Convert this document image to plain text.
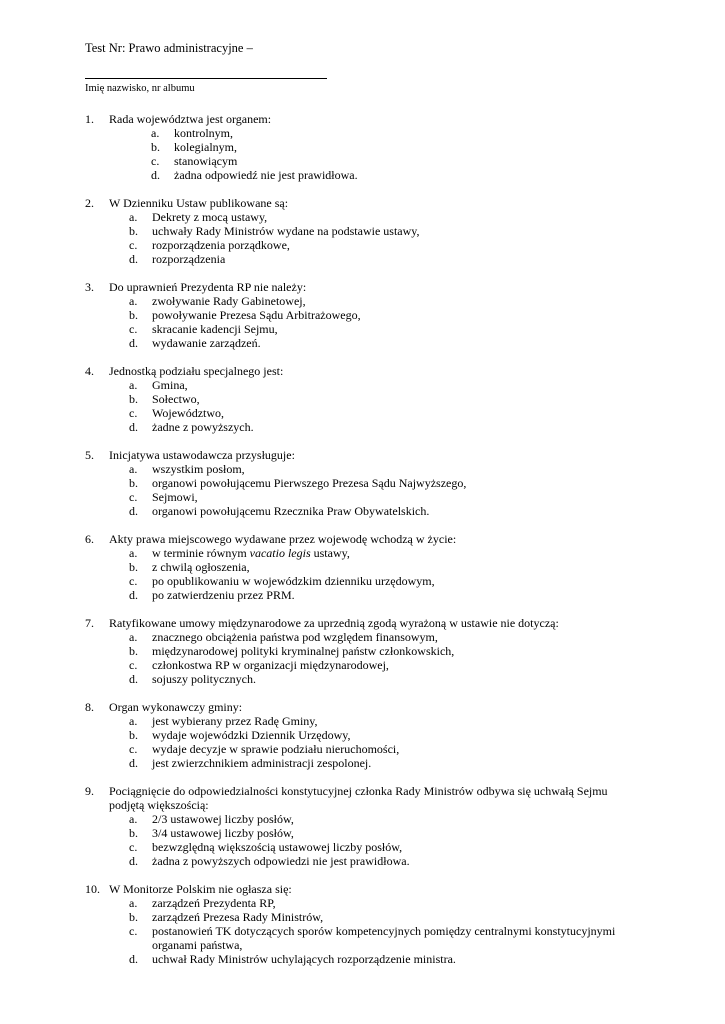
Test Nr: Prawo administracyjne –
Imię nazwisko, nr albumu
1.	Rada województwa jest organem:
a.	kontrolnym,
b.	kolegialnym,
c.	stanowiącym
d.	żadna odpowiedź nie jest prawidłowa.
2.	W Dzienniku Ustaw publikowane są:
a.	Dekrety z mocą ustawy,
b.	uchwały Rady Ministrów wydane na podstawie ustawy,
c.	rozporządzenia porządkowe,
d.	rozporządzenia
3.	Do uprawnień Prezydenta RP nie należy:
a.	zwoływanie Rady Gabinetowej,
b.	powoływanie Prezesa Sądu Arbitrażowego,
c.	skracanie kadencji Sejmu,
d.	wydawanie zarządzeń.
4.	Jednostką podziału specjalnego jest:
a.	Gmina,
b.	Sołectwo,
c.	Województwo,
d.	żadne z powyższych.
5.	Inicjatywa ustawodawcza przysługuje:
a.	wszystkim posłom,
b.	organowi powołującemu Pierwszego Prezesa Sądu Najwyższego,
c.	Sejmowi,
d.	organowi powołującemu Rzecznika Praw Obywatelskich.
6.	Akty prawa miejscowego wydawane przez wojewodę wchodzą w życie:
a.	w terminie równym vacatio legis ustawy,
b.	z chwilą ogłoszenia,
c.	po opublikowaniu w wojewódzkim dzienniku urzędowym,
d.	po zatwierdzeniu przez PRM.
7.	Ratyfikowane umowy międzynarodowe za uprzednią zgodą wyrażoną w ustawie nie dotyczą:
a.	znacznego obciążenia państwa pod względem finansowym,
b.	międzynarodowej polityki kryminalnej państw członkowskich,
c.	członkostwa RP w organizacji międzynarodowej,
d.	sojuszy politycznych.
8.	Organ wykonawczy gminy:
a.	jest wybierany przez Radę Gminy,
b.	wydaje wojewódzki Dziennik Urzędowy,
c.	wydaje decyzje w sprawie podziału nieruchomości,
d.	jest zwierzchnikiem administracji zespolonej.
9.	Pociągnięcie do odpowiedzialności konstytucyjnej członka Rady Ministrów odbywa się uchwałą Sejmu podjętą większością:
a.	2/3 ustawowej liczby posłów,
b.	3/4 ustawowej liczby posłów,
c.	bezwzględną większością ustawowej liczby posłów,
d.	żadna z powyższych odpowiedzi nie jest prawidłowa.
10. W Monitorze Polskim nie ogłasza się:
a.	zarządzeń Prezydenta RP,
b.	zarządzeń Prezesa Rady Ministrów,
c.	postanowień TK dotyczących sporów kompetencyjnych pomiędzy centralnymi konstytucyjnymi organami państwa,
d.	uchwał Rady Ministrów uchylających rozporządzenie ministra.
